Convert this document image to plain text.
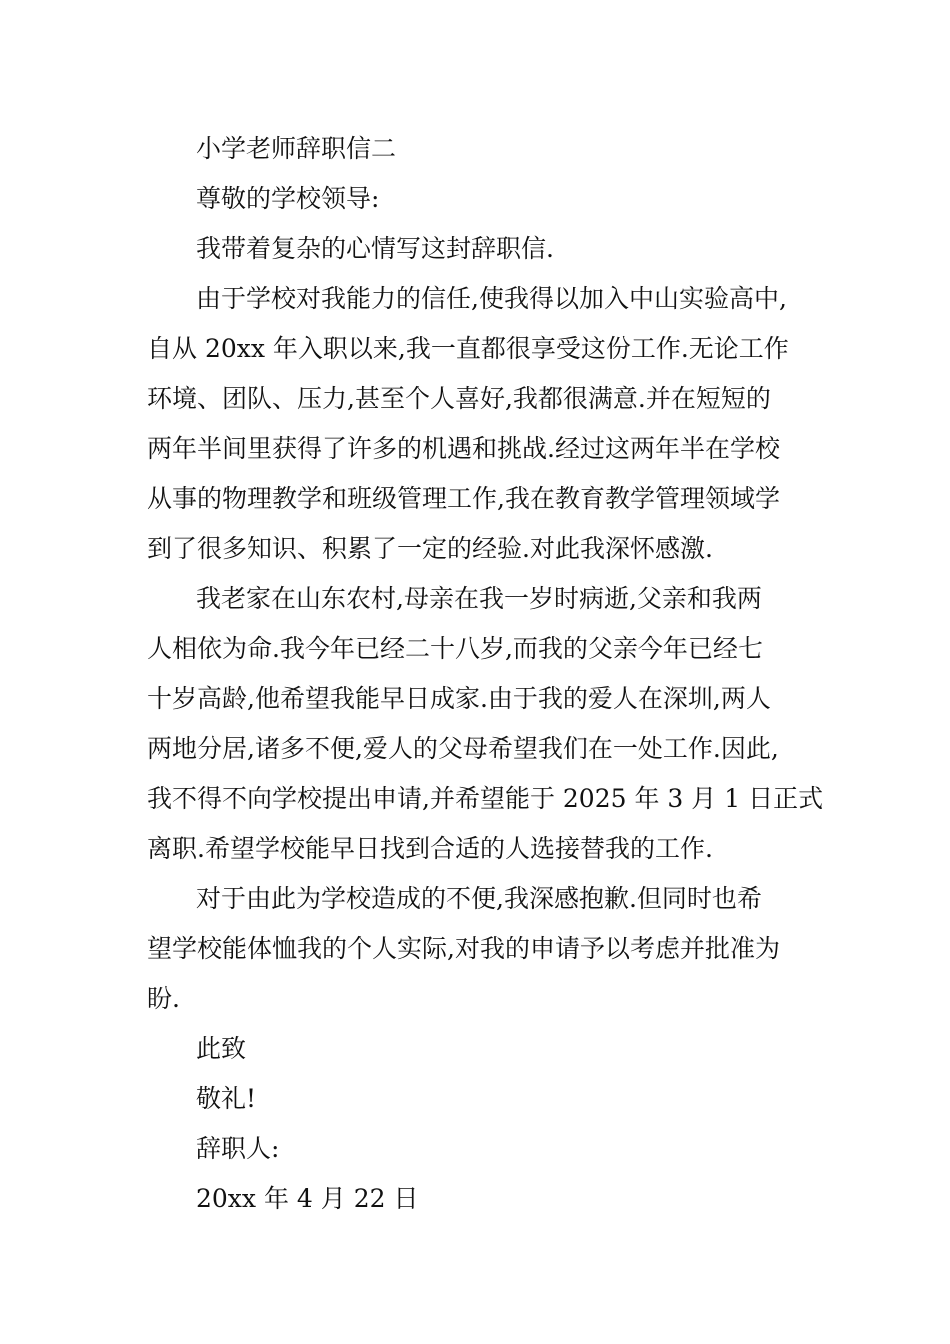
小学老师辞职信二
尊敬的学校领导:
我带着复杂的心情写这封辞职信.
由于学校对我能力的信任,使我得以加入中山实验高中,
自从 20xx 年入职以来,我一直都很享受这份工作.无论工作
环境、团队、压力,甚至个人喜好,我都很满意.并在短短的
两年半间里获得了许多的机遇和挑战.经过这两年半在学校
从事的物理教学和班级管理工作,我在教育教学管理领域学
到了很多知识、积累了一定的经验.对此我深怀感激.
我老家在山东农村,母亲在我一岁时病逝,父亲和我两
人相依为命.我今年已经二十八岁,而我的父亲今年已经七
十岁高龄,他希望我能早日成家.由于我的爱人在深圳,两人
两地分居,诸多不便,爱人的父母希望我们在一处工作.因此,
我不得不向学校提出申请,并希望能于 2025 年 3 月 1 日正式
离职.希望学校能早日找到合适的人选接替我的工作.
对于由此为学校造成的不便,我深感抱歉.但同时也希
望学校能体恤我的个人实际,对我的申请予以考虑并批准为
盼.
此致
敬礼!
辞职人:
20xx 年 4 月 22 日
